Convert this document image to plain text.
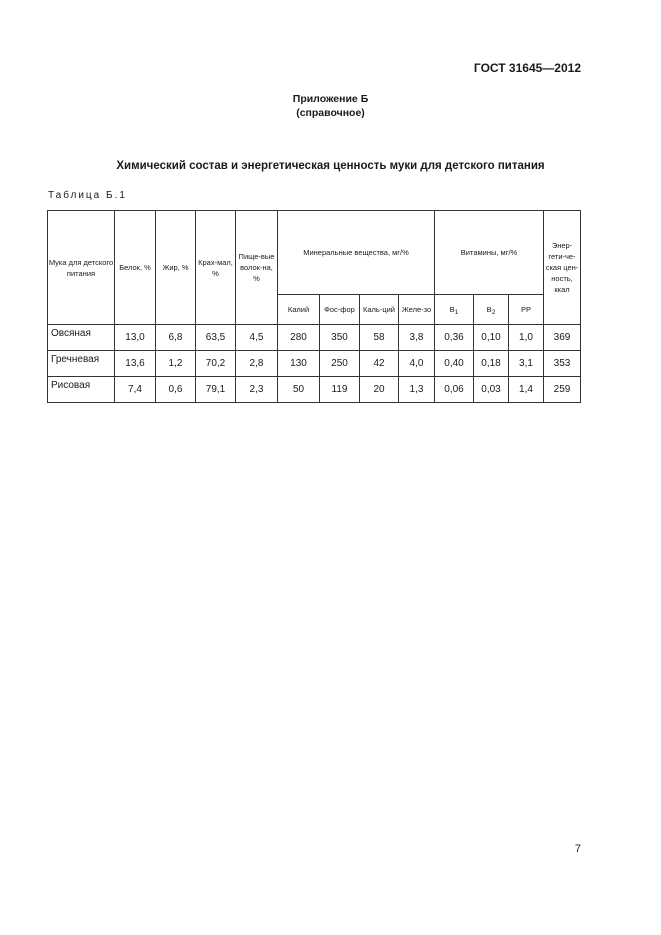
ГОСТ 31645—2012
Приложение Б
(справочное)
Химический состав и энергетическая ценность муки для детского питания
Таблица Б.1
Мука для детского питания	Белок, %	Жир, %	Крах-мал, %	Пище-вые волок-на, %	Минеральные вещества, мг/%				Витамины, мг/%			Энер-гети-че-ская цен-ность, ккал
					Калий	Фос-фор	Каль-ций	Желе-зо	B1	B2	PP	
Овсяная	13,0	6,8	63,5	4,5	280	350	58	3,8	0,36	0,10	1,0	369
Гречневая	13,6	1,2	70,2	2,8	130	250	42	4,0	0,40	0,18	3,1	353
Рисовая	7,4	0,6	79,1	2,3	50	119	20	1,3	0,06	0,03	1,4	259
7
